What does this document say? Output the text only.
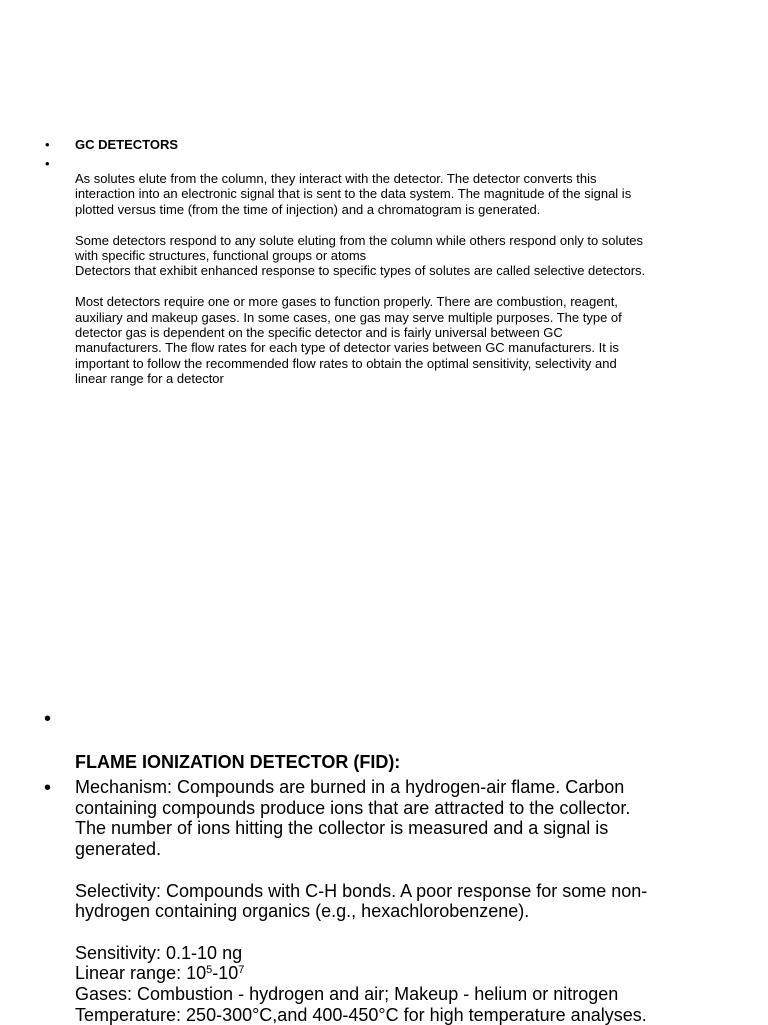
•	GC DETECTORS
•
As solutes elute from the column, they interact with the detector. The detector converts this
interaction into an electronic signal that is sent to the data system. The magnitude of the signal is
plotted versus time (from the time of injection) and a chromatogram is generated.
Some detectors respond to any solute eluting from the column while others respond only to solutes
with specific structures, functional groups or atoms
Detectors that exhibit enhanced response to specific types of solutes are called selective detectors.
Most detectors require one or more gases to function properly. There are combustion, reagent,
auxiliary and makeup gases. In some cases, one gas may serve multiple purposes. The type of
detector gas is dependent on the specific detector and is fairly universal between GC
manufacturers. The flow rates for each type of detector varies between GC manufacturers. It is
important to follow the recommended flow rates to obtain the optimal sensitivity, selectivity and
linear range for a detector
•
FLAME IONIZATION DETECTOR (FID):
• Mechanism: Compounds are burned in a hydrogen-air flame. Carbon
containing compounds produce ions that are attracted to the collector.
The number of ions hitting the collector is measured and a signal is
generated.
Selectivity: Compounds with C-H bonds. A poor response for some non-
hydrogen containing organics (e.g., hexachlorobenzene).
Sensitivity: 0.1-10 ng
Linear range: $10^5-10^7$
Gases: Combustion - hydrogen and air; Makeup - helium or nitrogen
Temperature: 250-300°C,and 400-450°C for high temperature analyses.
